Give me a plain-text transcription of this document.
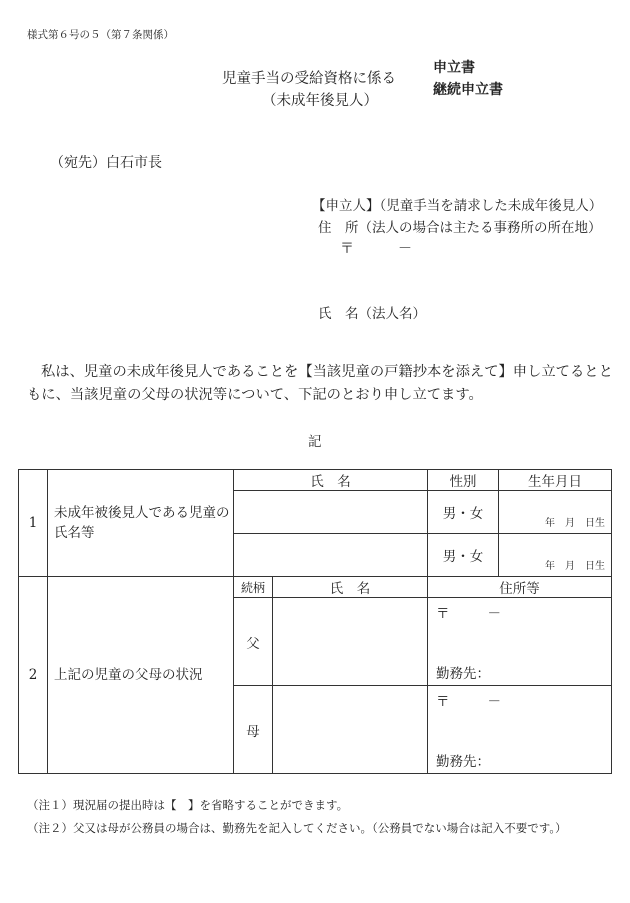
様式第６号の５（第７条関係）
児童手当の受給資格に係る
（未成年後見人）
申立書
継続申立書
（宛先）白石市長
【申立人】（児童手当を請求した未成年後見人）
住　所（法人の場合は主たる事務所の所在地）
〒	－
氏　名（法人名）
私は、児童の未成年後見人であることを【当該児童の戸籍抄本を添えて】申し立てるとともに、当該児童の父母の状況等について、下記のとおり申し立てます。
記
1	未成年被後見人である児童の氏名等	氏　名		性別	生年月日
				男・女	年　月　日生
				男・女	年　月　日生
2	上記の児童の父母の状況	続柄	氏　名	住所等	
		父		〒 －
勤務先：	

		母		〒 －
勤務先：	
（注１）現況届の提出時は【　】を省略することができます。
（注２）父又は母が公務員の場合は、勤務先を記入してください。（公務員でない場合は記入不要です。）
